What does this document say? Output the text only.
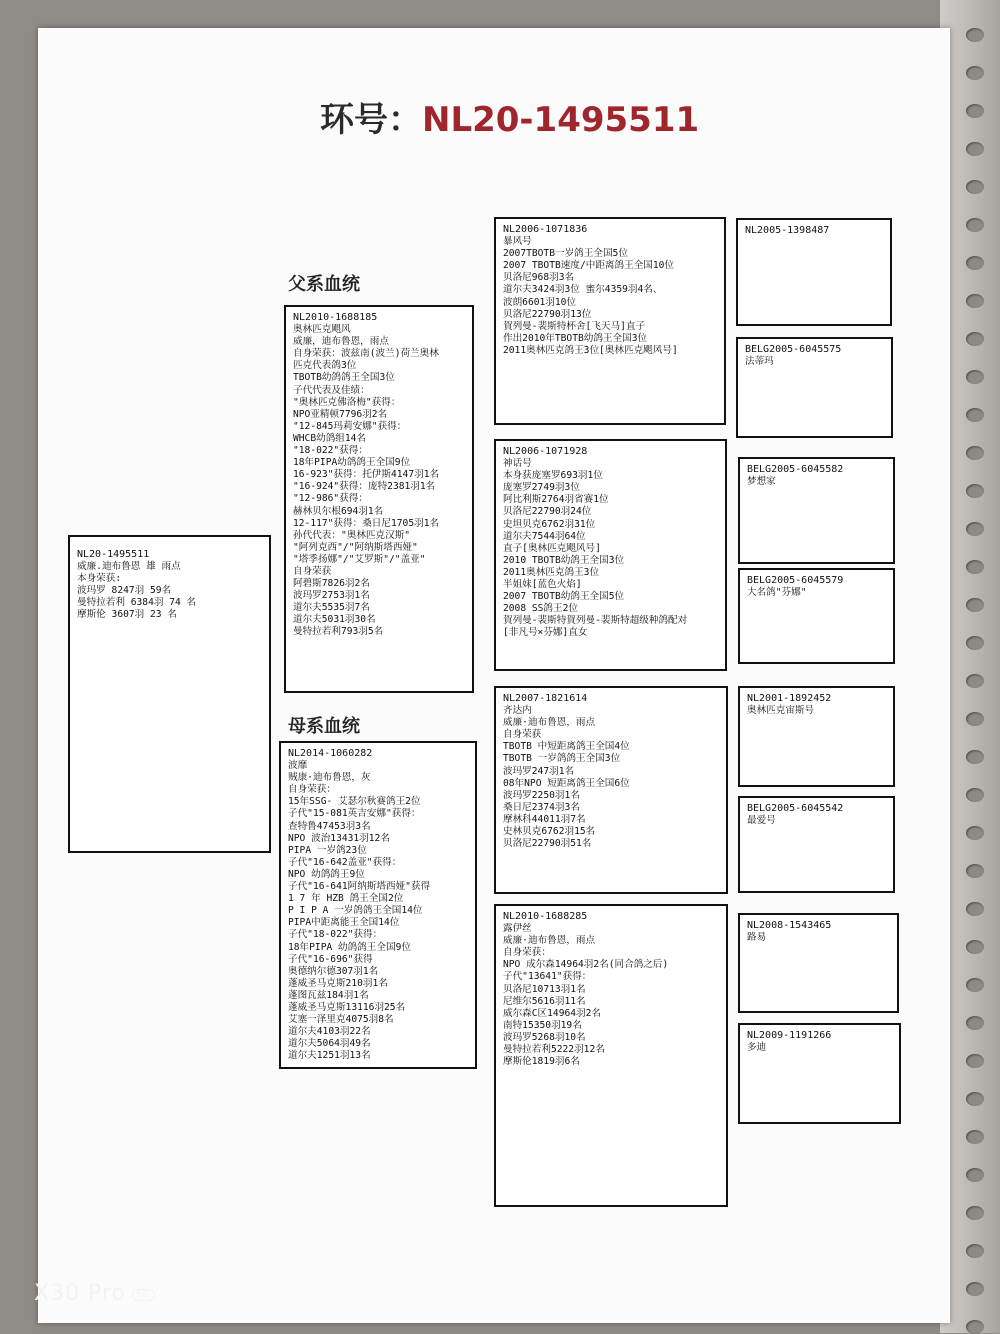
环号：NL20-1495511
父系血统
母系血统
NL20-1495511
威廉.迪布鲁恩 雄 雨点
本身荣获:
波玛罗 8247羽 59名
曼特拉若利 6384羽 74 名
摩斯伦 3607羽 23 名
NL2010-1688185
奥林匹克飓风
威廉，迪布鲁恩，雨点
自身荣获：波兹南(波兰)荷兰奥林
匹克代表鸽3位
TBOTB幼鸽鸽王全国3位
子代代表及佳绩：
"奥林匹克佛洛梅"获得：
NPO亚精顿7796羽2名
"12-845玛莉安娜"获得：
WHCB幼鸽组14名
"18-022"获得：
18年PIPA幼鸽鸽王全国9位
16-923"获得：托伊斯4147羽1名
"16-924"获得：庞特2381羽1名
"12-986"获得：
赫林贝尔根694羽1名
12-117"获得：桑日尼1705羽1名
孙代代表："奥林匹克汉斯"
"阿列克西"/"阿纳斯塔西娅"
"塔季扬娜"/"艾罗斯"/"盖亚"
自身荣获
阿碧斯7826羽2名
波玛罗2753羽1名
道尔夫5535羽7名
道尔夫5031羽30名
曼特拉若利793羽5名
NL2014-1060282
波靡
贼康·迪布鲁恩，灰
自身荣获：
15年SSG- 艾瑟尔秋赛鸽王2位
子代"15-081英吉安娜"获得：
查特鲁47453羽3名
NPO 波治13431羽12名
PIPA 一岁鸽23位
子代"16-642盖亚"获得：
NPO 幼鸽鸽王9位
子代"16-641阿纳斯塔西娅"获得
1 7 年 HZB 鸽王全国2位
P I P A 一岁鸽鸽王全国14位
PIPA中距离能王全国14位
子代"18-022"获得：
18年PIPA 幼鸽鸽王全国9位
子代"16-696"获得
奥德纳尔德307羽1名
蓬威圣马克斯210羽1名
蓬图瓦兹184羽1名
蓬威圣马克斯13116羽25名
艾塞一泽里克4075羽8名
道尔夫4103羽22名
道尔夫5064羽49名
道尔夫1251羽13名
NL2006-1071836
暴风号
2007TBOTB一岁鸽王全国5位
2007 TBOTB速度/中距离鸽王全国10位
贝洛尼968羽3名
道尔夫3424羽3位 蜜尔4359羽4名、
波朗6601羽10位
贝洛尼22790羽13位
賀列曼-裴斯特杯舍[飞天马]直子
作出2010年TBOTB幼鸽王全国3位
2011奥林匹克鸽王3位[奥林匹克飓风号]
NL2006-1071928
神话号
本身获庞塞罗693羽1位
庞塞罗2749羽3位
阿比利斯2764羽省赛1位
贝洛尼22790羽24位
史坦贝克6762羽31位
道尔夫7544羽64位
直子[奥林匹克飓风号]
2010 TBOTB幼鸽王全国3位
2011奥林匹克鸽王3位
半姐妹[蓝色火焰]
2007 TBOTB幼鸽王全国5位
2008 SS鸽王2位
賀列曼-裴斯特賀列曼-裴斯特超级种鸽配对
[非凡号×芬娜]直女
NL2007-1821614
齐达内
威廉·迪布鲁恩，雨点
自身荣获
TBOTB 中短距离鸽王全国4位
TBOTB 一岁鸽鸽王全国3位
波玛罗247羽1名
08年NPO 短距离鸽王全国6位
波玛罗2250羽1名
桑日尼2374羽3名
摩林科44011羽7名
史林贝克6762羽15名
贝洛尼22790羽51名
NL2010-1688285
露伊丝
威廉·迪布鲁恩，雨点
自身荣获：
NPO 成尔森14964羽2名(同合鸽之后)
子代"13641"获得：
贝洛尼10713羽1名
尼维尔5616羽11名
威尔森C区14964羽2名
南特15350羽19名
波玛罗5268羽10名
曼特拉若利5222羽12名
摩斯伦1819羽6名
NL2005-1398487
BELG2005-6045575
法蒂玛
BELG2005-6045582
梦想家
BELG2005-6045579
大名鸽"芬娜"
NL2001-1892452
奥林匹克宙斯号
BELG2005-6045542
最爱号
NL2008-1543465
路易
NL2009-1191266
多迪
X30 Pro 5G
